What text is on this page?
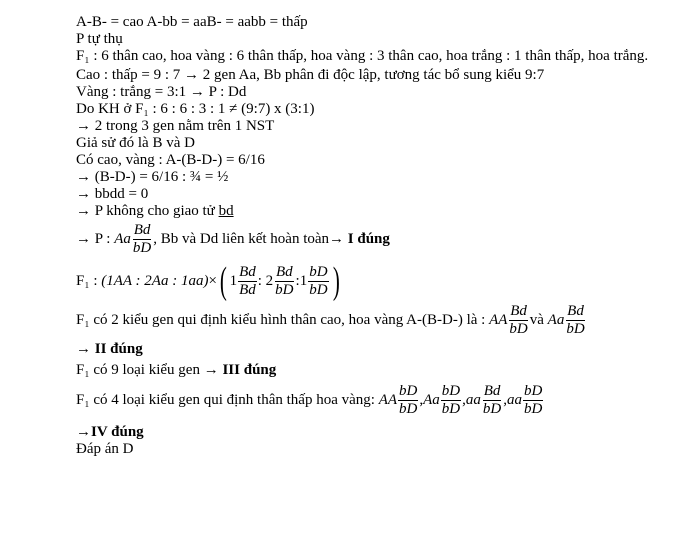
A-B- = cao A-bb = aaB- = aabb = thấp

P tự thụ

F₁ : 6 thân cao, hoa vàng : 6 thân thấp, hoa vàng : 3 thân cao, hoa trắng : 1 thân thấp, hoa trắng.

Cao : thấp = 9 : 7 → 2 gen Aa, Bb phân đi độc lập, tương tác bổ sung kiểu 9:7

Vàng : trắng = 3:1 → P : Dd

Do KH ở F₁ : 6 : 6 : 3 : 1 ≠ (9:7) x (3:1)

→ 2 trong 3 gen nằm trên 1 NST

Giả sử đó là B và D

Có cao, vàng : A-(B-D-) = 6/16

→ (B-D-) = 6/16 : ¾ = ½

→ bbdd = 0

→ P không cho giao tử bd

→ P :
Aa $\frac{Bd}{bD}$ , Bb và Dd liên kết hoàn toàn → I đúng
F₁ :
(1AA : 2Aa : 1aa) × ( $1 \frac{Bd}{Bd}$ :
$2 \frac{Bd}{bD}$ : $1 \frac{bD}{bD}$ )
F₁ có 2 kiểu gen qui định kiểu hình thân cao, hoa vàng A-(B-D-) là :
AA $\frac{Bd}{bD}$ và
Aa $\frac{Bd}{bD}$

→ II đúng

F₁ có 9 loại kiểu gen → III đúng

F₁ có 4 loại kiểu gen qui định thân thấp hoa vàng:
AA $\frac{bD}{bD}$ , Aa $\frac{bD}{bD}$ , aa $\frac{Bd}{bD}$ , aa $\frac{bD}{bD}$

→IV đúng

Đáp án D
